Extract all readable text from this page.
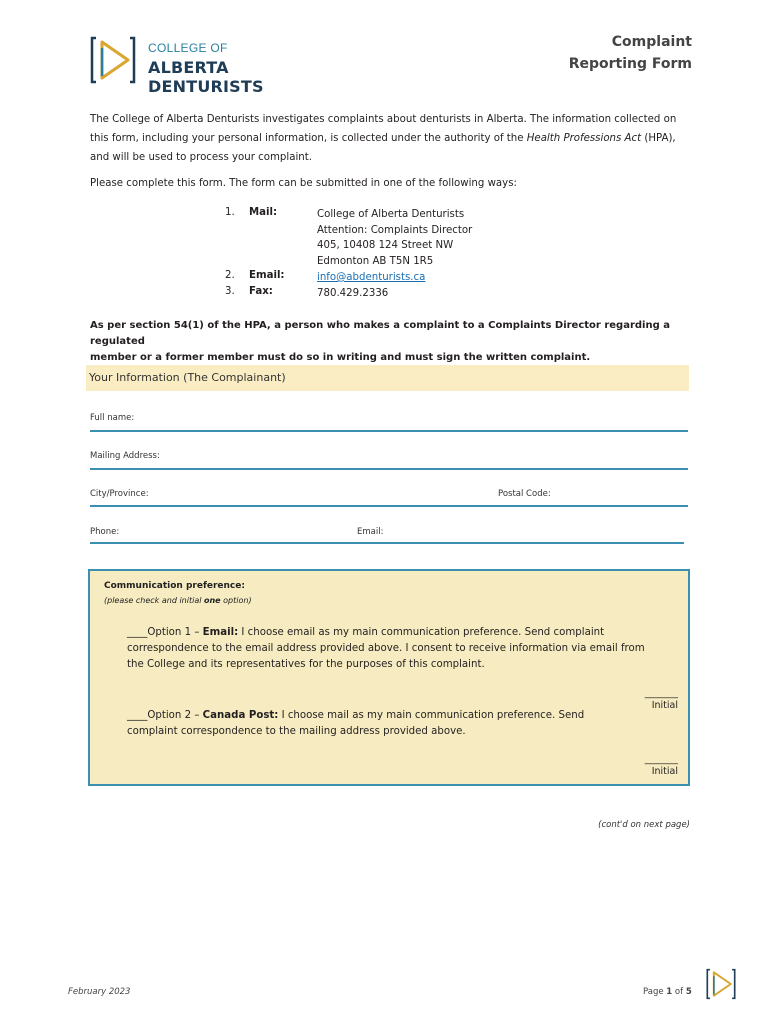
COLLEGE OF
ALBERTA DENTURISTS
Complaint
Reporting Form
The College of Alberta Denturists investigates complaints about denturists in Alberta. The information collected on
this form, including your personal information, is collected under the authority of the Health Professions Act (HPA),
and will be used to process your complaint.
Please complete this form. The form can be submitted in one of the following ways:
1. Mail:	College of Alberta Denturists
Attention: Complaints Director
405, 10408 124 Street NW
Edmonton AB T5N 1R5
2. Email:	info@abdenturists.ca
3. Fax:	780.429.2336
As per section 54(1) of the HPA, a person who makes a complaint to a Complaints Director regarding a regulated
member or a former member must do so in writing and must sign the written complaint.
Your Information (The Complainant)
Full name:
Mailing Address:
City/Province:	Postal Code:
Phone:	Email:
Communication preference:
(please check and initial one option)
____Option 1 – Email: I choose email as my main communication preference. Send complaint
correspondence to the email address provided above. I consent to receive information via email from
the College and its representatives for the purposes of this complaint.
_______
Initial
____Option 2 – Canada Post: I choose mail as my main communication preference. Send
complaint correspondence to the mailing address provided above.
_______
Initial
(cont'd on next page)
February 2023	Page 1 of 5
